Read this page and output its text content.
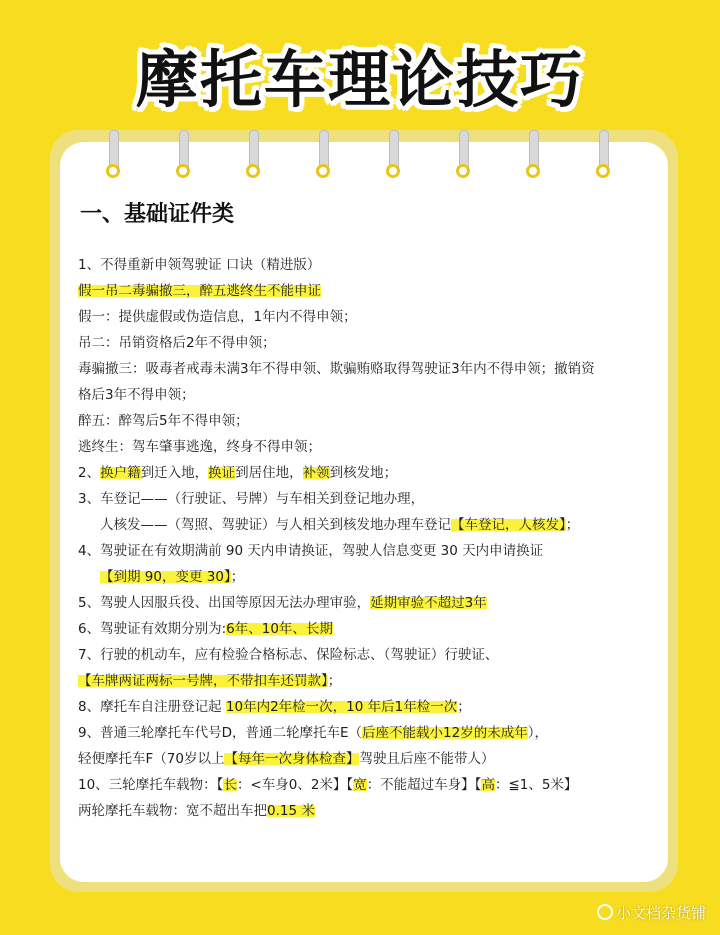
摩托车理论技巧
一、基础证件类
1、不得重新申领驾驶证 口诀（精进版）
假一吊二毒骗撤三，醉五逃终生不能申证
假一：提供虚假或伪造信息，1年内不得申领；
吊二：吊销资格后2年不得申领；
毒骗撤三：吸毒者戒毒未满3年不得申领、欺骗贿赂取得驾驶证3年内不得申领；撤销资
格后3年不得申领；
醉五：醉驾后5年不得申领；
逃终生：驾车肇事逃逸，终身不得申领；
2、换户籍到迁入地，换证到居住地，补领到核发地；
3、车登记——（行驶证、号牌）与车相关到登记地办理，
人核发——（驾照、驾驶证）与人相关到核发地办理车登记【车登记，人核发】；
4、驾驶证在有效期满前 90 天内申请换证，驾驶人信息变更 30 天内申请换证
【到期 90，变更 30】；
5、驾驶人因服兵役、出国等原因无法办理审验，延期审验不超过3年
6、驾驶证有效期分别为:6年、10年、长期
7、行驶的机动车，应有检验合格标志、保险标志、（驾驶证）行驶证、
【车牌两证两标一号牌，不带扣车还罚款】；
8、摩托车自注册登记起 10年内2年检一次，10 年后1年检一次；
9、普通三轮摩托车代号D，普通二轮摩托车E（后座不能载小12岁的未成年），
轻便摩托车F（70岁以上【每年一次身体检查】驾驶且后座不能带人）
10、三轮摩托车载物：【长：<车身0、2米】【宽：不能超过车身】【高：≦1、5米】
两轮摩托车载物：宽不超出车把0.15 米
小文档杂货铺
